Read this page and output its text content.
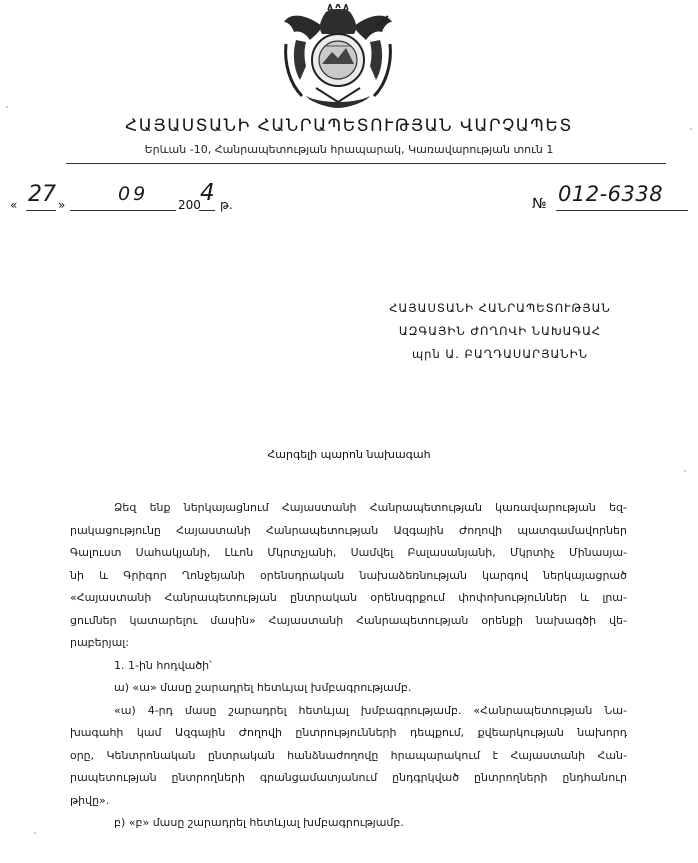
ՀԱՅԱՍՏԱՆԻ ՀԱՆՐԱՊԵՏՈՒԹՅԱՆ ՎԱՐՉԱՊԵՏ
Երևան -10, Հանրապետության հրապարակ, Կառավարության տուն 1
« 27 »	09 200 4 թ.	№ 012-6338
ՀԱՅԱՍՏԱՆԻ ՀԱՆՐԱՊԵՏՈՒԹՅԱՆ
ԱԶԳԱՅԻՆ ԺՈՂՈՎԻ ՆԱԽԱԳԱՀ
պրն Ա. ԲԱՂԴԱՍԱՐՅԱՆԻՆ
Հարգելի պարոն նախագահ

Ձեզ ենք ներկայացնում Հայաստանի Հանրապետության կառավարության եզ-

րակացությունը Հայաստանի Հանրապետության Ազգային Ժողովի պատգամավորներ

Գալուստ Սահակյանի, Լևոն Մկրտչյանի, Սամվել Բալասանյանի, Մկրտիչ Մինասյա-

նի և Գրիգոր Ղոնջեյանի օրենսդրական նախաձեռնության կարգով ներկայացրած

«Հայաստանի Հանրապետության ընտրական օրենսգրքում փոփոխություններ և լրա-

ցումներ կատարելու մասին» Հայաստանի Հանրապետության օրենքի նախագծի վե-

րաբերյալ:

1. 1-ին հոդվածի՝

ա) «ա» մասը շարադրել հետևյալ խմբագրությամբ.

«ա) 4-րդ մասը շարադրել հետևյալ խմբագրությամբ. «Հանրապետության Նա-

խագահի կամ Ազգային Ժողովի ընտրությունների դեպքում, քվեարկության նախորդ

օրը, Կենտրոնական ընտրական հանձնաժողովը հրապարակում է Հայաստանի Հան-

րապետության ընտրողների գրանցամատյանում ընդգրկված ընտրողների ընդհանուր

թիվը».

բ) «բ» մասը շարադրել հետևյալ խմբագրությամբ.
